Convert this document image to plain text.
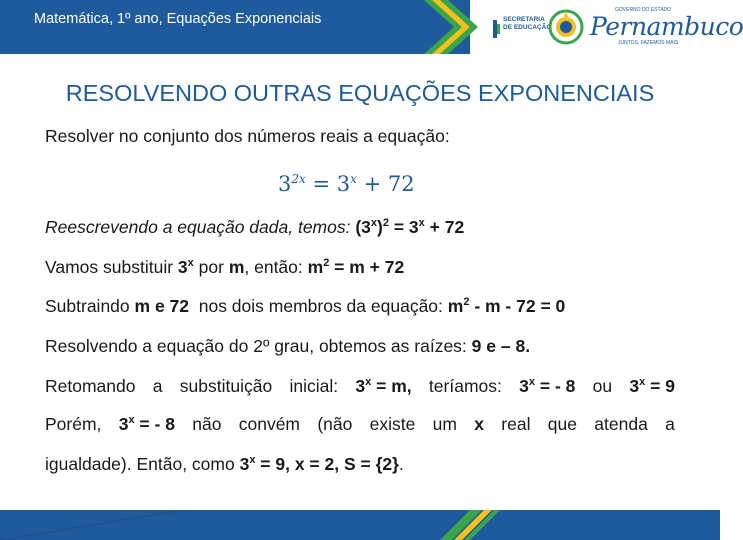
Matemática, 1º ano, Equações Exponenciais	SECRETARIA
DE EDUCAÇÃO
GOVERNO DO ESTADO
Pernambuco
JUNTOS, FAZEMOS MAIS
RESOLVENDO OUTRAS EQUAÇÕES EXPONENCIAIS
Resolver no conjunto dos números reais a equação:
$3^{2x} = 3^x + 72$
Reescrevendo a equação dada, temos: $(3^x)^2 = 3^x + 72$
Vamos substituir 3$^x$ por m, então: $m^2 = m + 72$
Subtraindo m e 72  nos dois membros da equação: $m^2 - m - 72 = 0$
Resolvendo a equação do 2º grau, obtemos as raízes: 9 e – 8.
Retomando a substituição inicial: $3^x = m$, teríamos: $3^x$ = - 8 ou $3^x = 9$
Porém, $3^x$ = - 8 não convém (não existe um x real que atenda a
igualdade). Então, como $3^x = 9$, x = 2, S = {2}.
